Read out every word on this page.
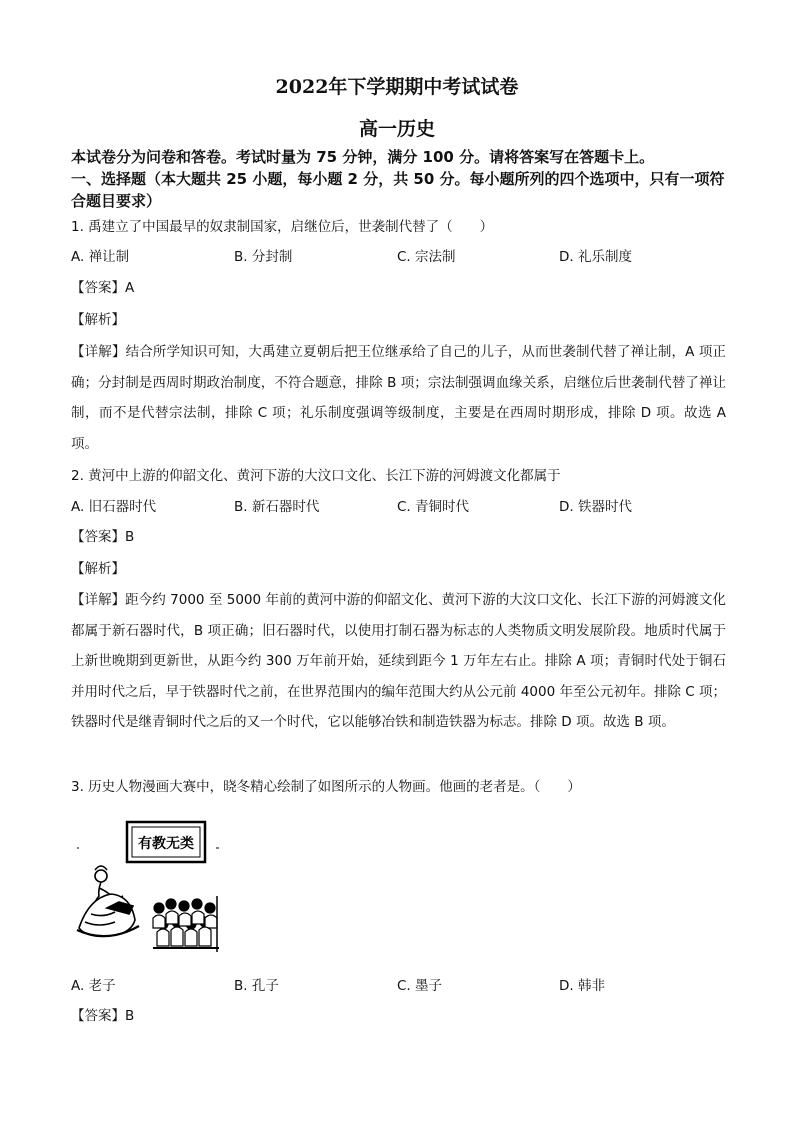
2022年下学期期中考试试卷
高一历史
本试卷分为问卷和答卷。考试时量为 75 分钟，满分 100 分。请将答案写在答题卡上。
一、选择题（本大题共 25 小题，每小题 2 分，共 50 分。每小题所列的四个选项中，只有一项符合题目要求）
1. 禹建立了中国最早的奴隶制国家，启继位后，世袭制代替了（　　）
A. 禅让制	B. 分封制	C. 宗法制	D. 礼乐制度
【答案】A
【解析】
【详解】结合所学知识可知，大禹建立夏朝后把王位继承给了自己的儿子，从而世袭制代替了禅让制，A 项正确；分封制是西周时期政治制度，不符合题意，排除 B 项；宗法制强调血缘关系，启继位后世袭制代替了禅让制，而不是代替宗法制，排除 C 项；礼乐制度强调等级制度，主要是在西周时期形成，排除 D 项。故选 A 项。
2. 黄河中上游的仰韶文化、黄河下游的大汶口文化、长江下游的河姆渡文化都属于
A. 旧石器时代	B. 新石器时代	C. 青铜时代	D. 铁器时代
【答案】B
【解析】
【详解】距今约 7000 至 5000 年前的黄河中游的仰韶文化、黄河下游的大汶口文化、长江下游的河姆渡文化都属于新石器时代，B 项正确；旧石器时代，以使用打制石器为标志的人类物质文明发展阶段。地质时代属于上新世晚期到更新世，从距今约 300 万年前开始，延续到距今 1 万年左右止。排除 A 项；青铜时代处于铜石并用时代之后，早于铁器时代之前，在世界范围内的编年范围大约从公元前 4000 年至公元初年。排除 C 项；铁器时代是继青铜时代之后的又一个时代，它以能够冶铁和制造铁器为标志。排除 D 项。故选 B 项。
3. 历史人物漫画大赛中，晓冬精心绘制了如图所示的人物画。他画的老者是。（　　）
有教无类
A. 老子	B. 孔子	C. 墨子	D. 韩非
【答案】B
